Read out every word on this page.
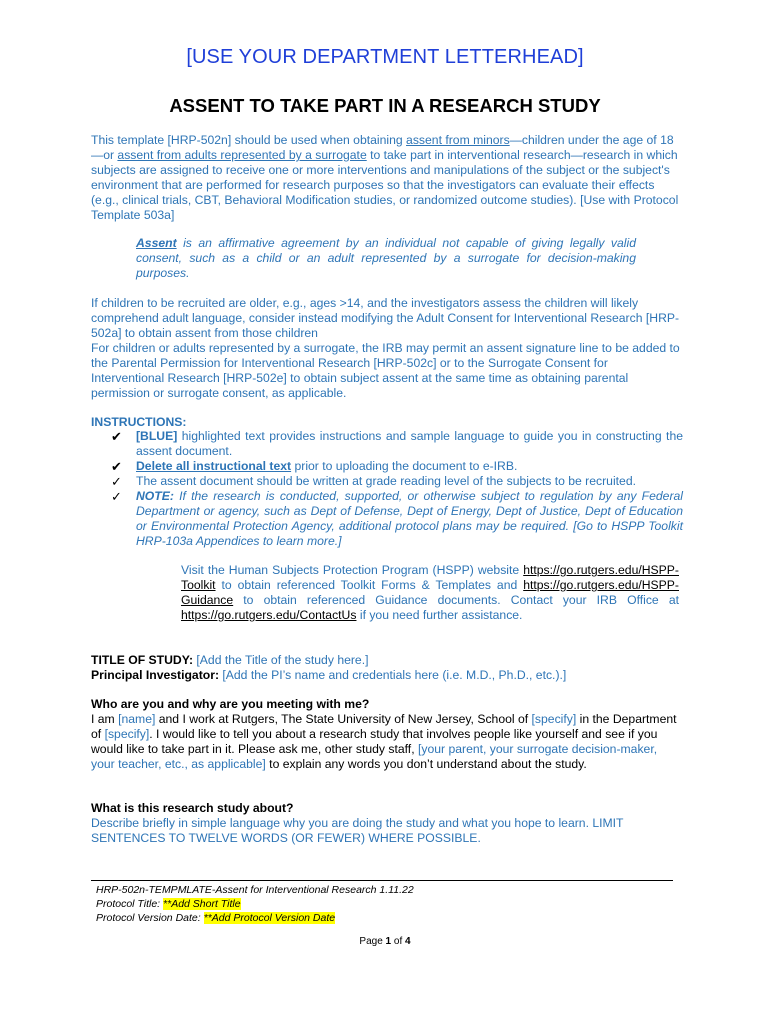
[USE YOUR DEPARTMENT LETTERHEAD]
ASSENT TO TAKE PART IN A RESEARCH STUDY
This template [HRP-502n] should be used when obtaining assent from minors—children under the age of 18—or assent from adults represented by a surrogate to take part in interventional research—research in which subjects are assigned to receive one or more interventions and manipulations of the subject or the subject's environment that are performed for research purposes so that the investigators can evaluate their effects (e.g., clinical trials, CBT, Behavioral Modification studies, or randomized outcome studies). [Use with Protocol Template 503a]
Assent is an affirmative agreement by an individual not capable of giving legally valid consent, such as a child or an adult represented by a surrogate for decision-making purposes.
If children to be recruited are older, e.g., ages >14, and the investigators assess the children will likely comprehend adult language, consider instead modifying the Adult Consent for Interventional Research [HRP-502a] to obtain assent from those children
For children or adults represented by a surrogate, the IRB may permit an assent signature line to be added to the Parental Permission for Interventional Research [HRP-502c] or to the Surrogate Consent for Interventional Research [HRP-502e] to obtain subject assent at the same time as obtaining parental permission or surrogate consent, as applicable.
INSTRUCTIONS:
✔ [BLUE] highlighted text provides instructions and sample language to guide you in constructing the assent document.
✔ Delete all instructional text prior to uploading the document to e-IRB.
✓ The assent document should be written at grade reading level of the subjects to be recruited.
✓ NOTE: If the research is conducted, supported, or otherwise subject to regulation by any Federal Department or agency, such as Dept of Defense, Dept of Energy, Dept of Justice, Dept of Education or Environmental Protection Agency, additional protocol plans may be required. [Go to HSPP Toolkit HRP-103a Appendices to learn more.]
Visit the Human Subjects Protection Program (HSPP) website https://go.rutgers.edu/HSPP-Toolkit to obtain referenced Toolkit Forms & Templates and https://go.rutgers.edu/HSPP-Guidance to obtain referenced Guidance documents. Contact your IRB Office at https://go.rutgers.edu/ContactUs if you need further assistance.
TITLE OF STUDY: [Add the Title of the study here.]
Principal Investigator: [Add the PI’s name and credentials here (i.e. M.D., Ph.D., etc.).]
Who are you and why are you meeting with me?
I am [name] and I work at Rutgers, The State University of New Jersey, School of [specify] in the Department of [specify]. I would like to tell you about a research study that involves people like yourself and see if you would like to take part in it. Please ask me, other study staff, [your parent, your surrogate decision-maker, your teacher, etc., as applicable] to explain any words you don’t understand about the study.
What is this research study about?
Describe briefly in simple language why you are doing the study and what you hope to learn. LIMIT SENTENCES TO TWELVE WORDS (OR FEWER) WHERE POSSIBLE.
HRP-502n-TEMPMLATE-Assent for Interventional Research 1.11.22
Protocol Title: **Add Short Title
Protocol Version Date: **Add Protocol Version Date
Page 1 of 4
